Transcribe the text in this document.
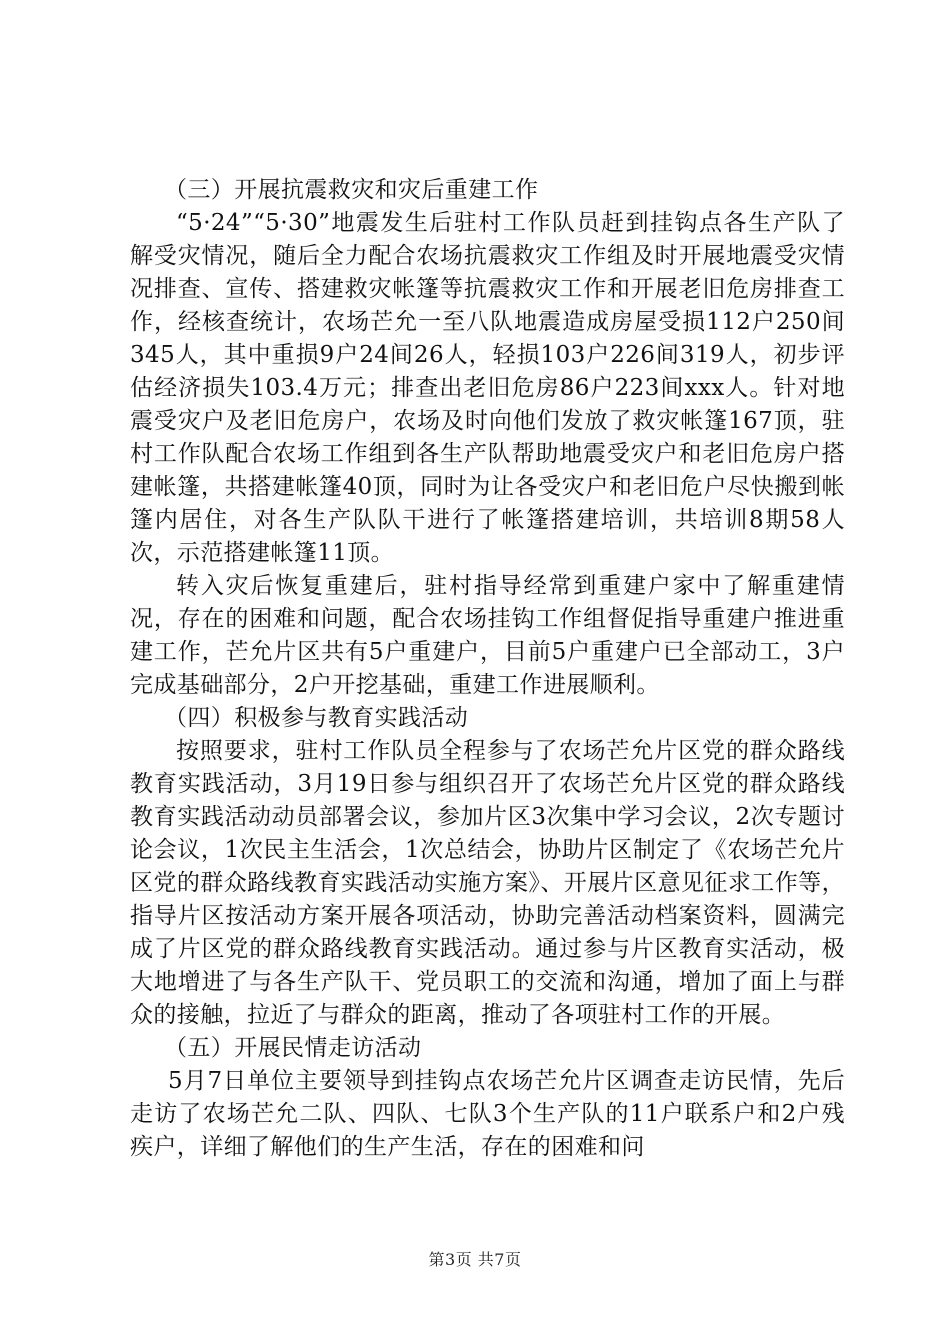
（三）开展抗震救灾和灾后重建工作

“5·24”“5·30”地震发生后驻村工作队员赶到挂钩点各生产队了解受灾情况，随后全力配合农场抗震救灾工作组及时开展地震受灾情况排查、宣传、搭建救灾帐篷等抗震救灾工作和开展老旧危房排查工作，经核查统计，农场芒允一至八队地震造成房屋受损112户250间345人，其中重损9户24间26人，轻损103户226间319人，初步评估经济损失103.4万元；排查出老旧危房86户223间xxx人。针对地震受灾户及老旧危房户，农场及时向他们发放了救灾帐篷167顶，驻村工作队配合农场工作组到各生产队帮助地震受灾户和老旧危房户搭建帐篷，共搭建帐篷40顶，同时为让各受灾户和老旧危户尽快搬到帐篷内居住，对各生产队队干进行了帐篷搭建培训，共培训8期58人次，示范搭建帐篷11顶。

转入灾后恢复重建后，驻村指导经常到重建户家中了解重建情况，存在的困难和问题，配合农场挂钩工作组督促指导重建户推进重建工作，芒允片区共有5户重建户，目前5户重建户已全部动工，3户完成基础部分，2户开挖基础，重建工作进展顺利。

（四）积极参与教育实践活动

按照要求，驻村工作队员全程参与了农场芒允片区党的群众路线教育实践活动，3月19日参与组织召开了农场芒允片区党的群众路线教育实践活动动员部署会议，参加片区3次集中学习会议，2次专题讨论会议，1次民主生活会，1次总结会，协助片区制定了《农场芒允片区党的群众路线教育实践活动实施方案》、开展片区意见征求工作等，指导片区按活动方案开展各项活动，协助完善活动档案资料，圆满完成了片区党的群众路线教育实践活动。通过参与片区教育实活动，极大地增进了与各生产队干、党员职工的交流和沟通，增加了面上与群众的接触，拉近了与群众的距离，推动了各项驻村工作的开展。

（五）开展民情走访活动

5月7日单位主要领导到挂钩点农场芒允片区调查走访民情，先后走访了农场芒允二队、四队、七队3个生产队的11户联系户和2户残疾户，详细了解他们的生产生活，存在的困难和问

第3页 共7页
